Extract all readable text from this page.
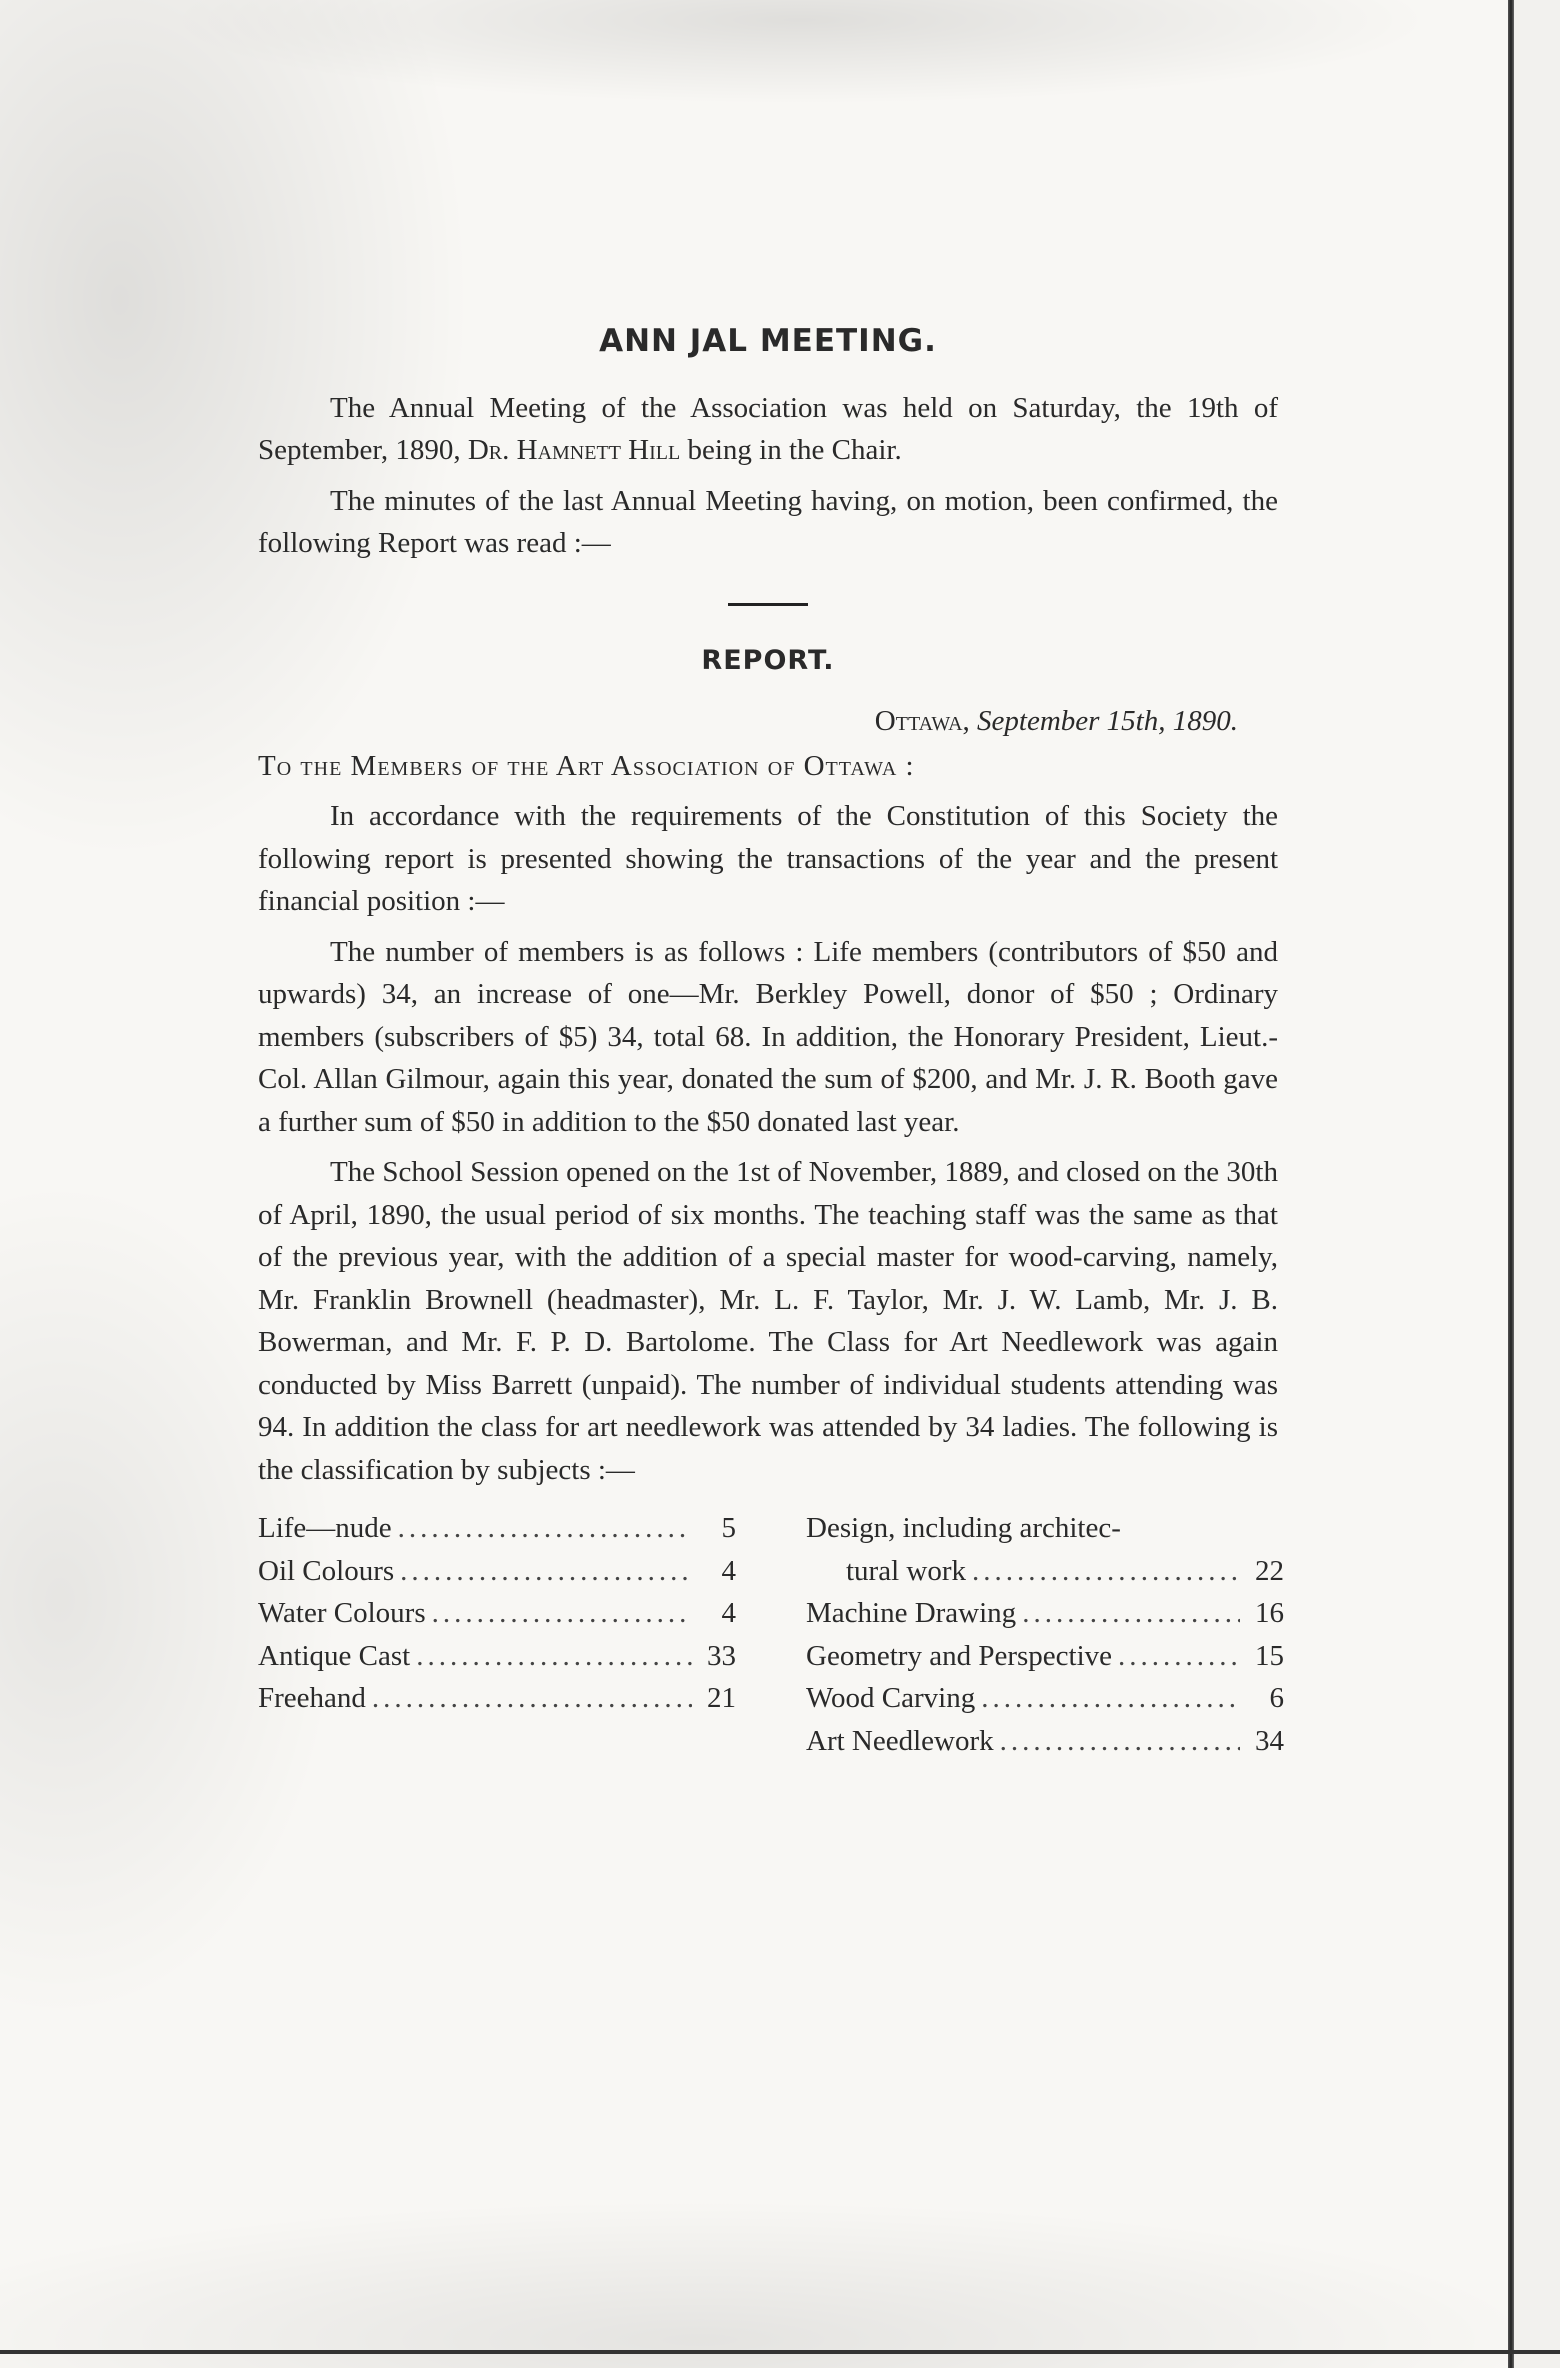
ANN JAL MEETING.

The Annual Meeting of the Association was held on Saturday, the 19th of September, 1890, Dr. Hamnett Hill being in the Chair.

The minutes of the last Annual Meeting having, on motion, been confirmed, the following Report was read :—

REPORT.
Ottawa, September 15th, 1890.

To the Members of the Art Association of Ottawa :

In accordance with the requirements of the Constitution of this Society the following report is presented showing the transactions of the year and the present financial position :—

The number of members is as follows : Life members (contributors of $50 and upwards) 34, an increase of one—Mr. Berkley Powell, donor of $50 ; Ordinary members (subscribers of $5) 34, total 68. In addition, the Honorary President, Lieut.-Col. Allan Gilmour, again this year, donated the sum of $200, and Mr. J. R. Booth gave a further sum of $50 in addition to the $50 donated last year.

The School Session opened on the 1st of November, 1889, and closed on the 30th of April, 1890, the usual period of six months. The teaching staff was the same as that of the previous year, with the addition of a special master for wood-carving, namely, Mr. Franklin Brownell (headmaster), Mr. L. F. Taylor, Mr. J. W. Lamb, Mr. J. B. Bowerman, and Mr. F. P. D. Bartolome. The Class for Art Needlework was again conducted by Miss Barrett (unpaid). The number of individual students attending was 94. In addition the class for art needlework was attended by 34 ladies. The following is the classification by subjects :—

Life—nude .....	5
Oil Colours .....	4
Water Colours .....	4
Antique Cast .....	33
Freehand .....	21
Design, including architec-
tural work .....	22
Machine Drawing .....	16
Geometry and Perspective .....	15
Wood Carving .....	6
Art Needlework .....	34
